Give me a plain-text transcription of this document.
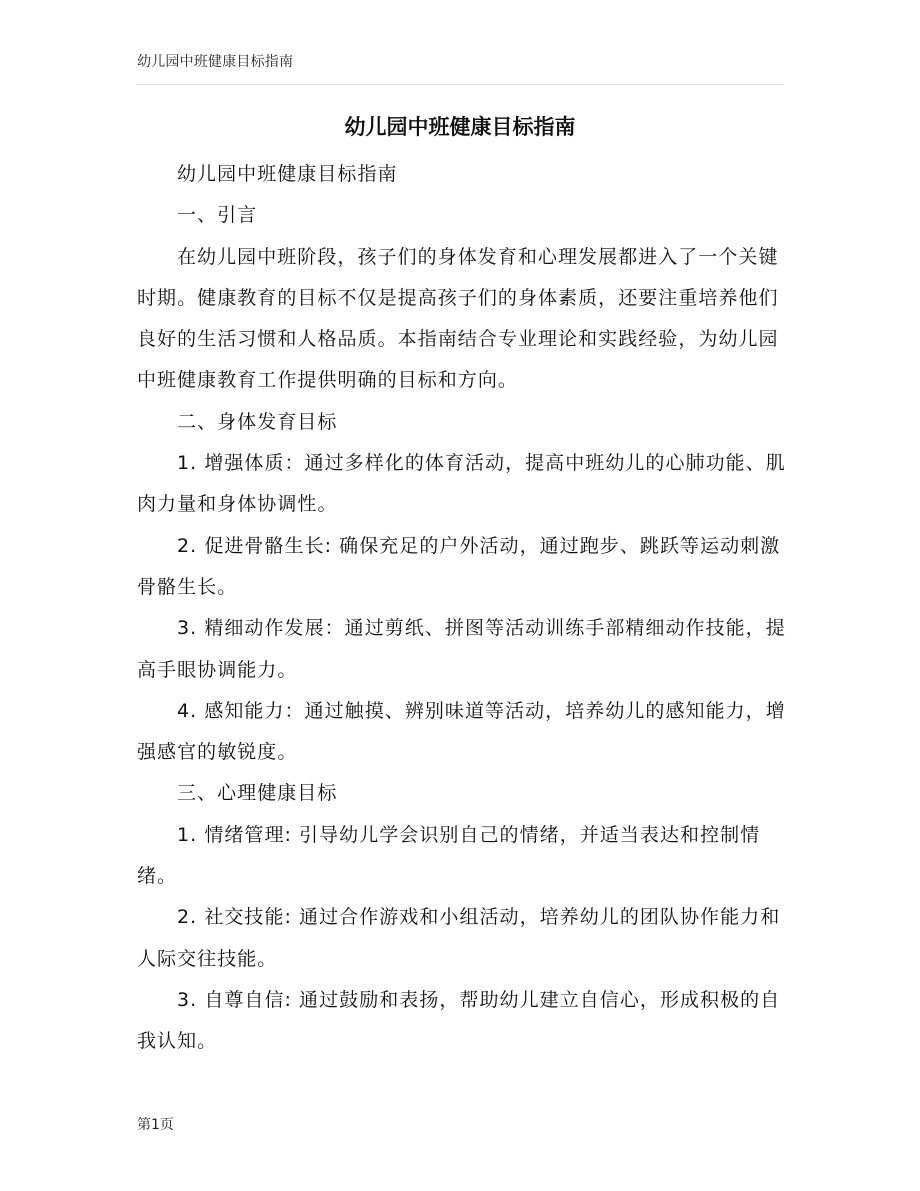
幼儿园中班健康目标指南
幼儿园中班健康目标指南

幼儿园中班健康目标指南

一、引言

在幼儿园中班阶段，孩子们的身体发育和心理发展都进入了一个关键时期。健康教育的目标不仅是提高孩子们的身体素质，还要注重培养他们良好的生活习惯和人格品质。本指南结合专业理论和实践经验，为幼儿园中班健康教育工作提供明确的目标和方向。

二、身体发育目标

1. 增强体质：通过多样化的体育活动，提高中班幼儿的心肺功能、肌肉力量和身体协调性。

2. 促进骨骼生长: 确保充足的户外活动，通过跑步、跳跃等运动刺激骨骼生长。

3. 精细动作发展：通过剪纸、拼图等活动训练手部精细动作技能，提高手眼协调能力。

4. 感知能力：通过触摸、辨别味道等活动，培养幼儿的感知能力，增强感官的敏锐度。

三、心理健康目标

1. 情绪管理: 引导幼儿学会识别自己的情绪，并适当表达和控制情绪。

2. 社交技能: 通过合作游戏和小组活动，培养幼儿的团队协作能力和人际交往技能。

3. 自尊自信: 通过鼓励和表扬，帮助幼儿建立自信心，形成积极的自我认知。

第1页
